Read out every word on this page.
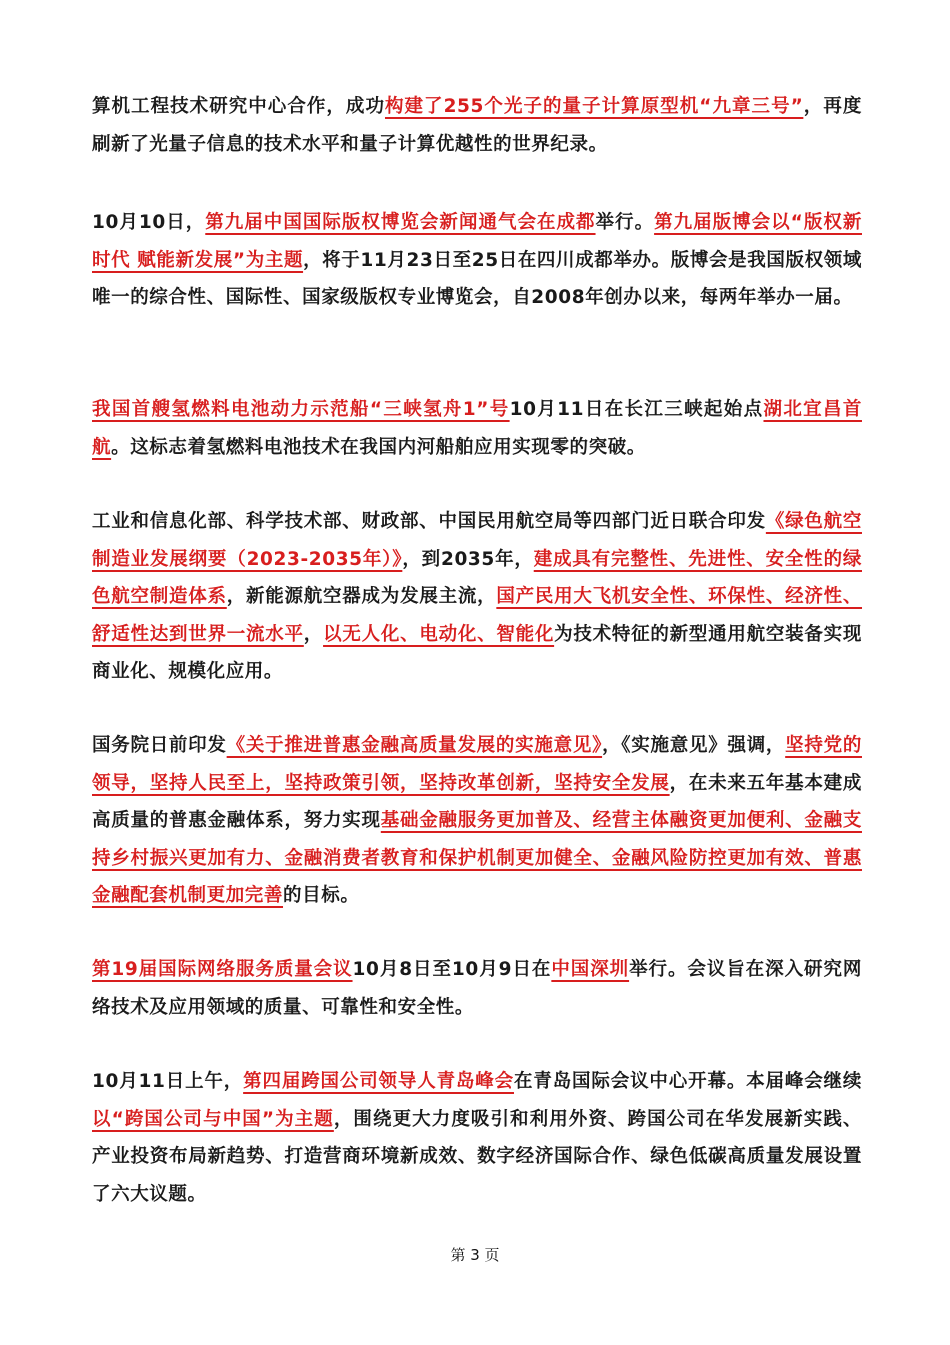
算机工程技术研究中心合作，成功构建了255个光子的量子计算原型机“九章三号”，再度刷新了光量子信息的技术水平和量子计算优越性的世界纪录。

10月10日，第九届中国国际版权博览会新闻通气会在成都举行。第九届版博会以“版权新时代 赋能新发展”为主题，将于11月23日至25日在四川成都举办。版博会是我国版权领域唯一的综合性、国际性、国家级版权专业博览会，自2008年创办以来，每两年举办一届。

我国首艘氢燃料电池动力示范船“三峡氢舟1”号10月11日在长江三峡起始点湖北宜昌首航。这标志着氢燃料电池技术在我国内河船舶应用实现零的突破。

工业和信息化部、科学技术部、财政部、中国民用航空局等四部门近日联合印发《绿色航空制造业发展纲要（2023-2035年）》，到2035年，建成具有完整性、先进性、安全性的绿色航空制造体系，新能源航空器成为发展主流，国产民用大飞机安全性、环保性、经济性、舒适性达到世界一流水平，以无人化、电动化、智能化为技术特征的新型通用航空装备实现商业化、规模化应用。

国务院日前印发《关于推进普惠金融高质量发展的实施意见》，《实施意见》强调，坚持党的领导，坚持人民至上，坚持政策引领，坚持改革创新，坚持安全发展，在未来五年基本建成高质量的普惠金融体系，努力实现基础金融服务更加普及、经营主体融资更加便利、金融支持乡村振兴更加有力、金融消费者教育和保护机制更加健全、金融风险防控更加有效、普惠金融配套机制更加完善的目标。

第19届国际网络服务质量会议10月8日至10月9日在中国深圳举行。会议旨在深入研究网络技术及应用领域的质量、可靠性和安全性。

10月11日上午，第四届跨国公司领导人青岛峰会在青岛国际会议中心开幕。本届峰会继续以“跨国公司与中国”为主题，围绕更大力度吸引和利用外资、跨国公司在华发展新实践、产业投资布局新趋势、打造营商环境新成效、数字经济国际合作、绿色低碳高质量发展设置了六大议题。

第 3 页
